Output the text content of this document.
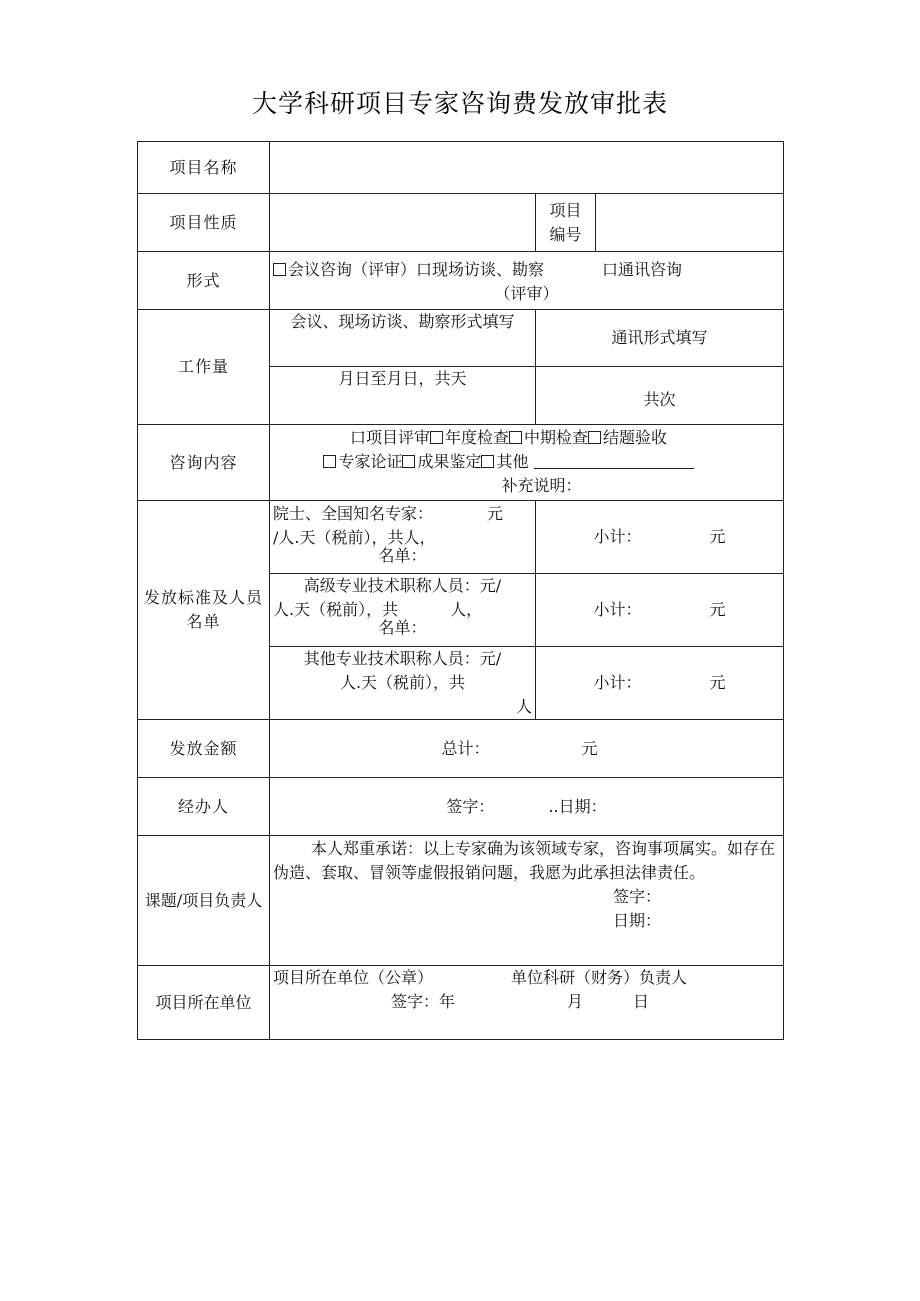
大学科研项目专家咨询费发放审批表
项目名称			
项目性质		项目
编号	

形式	会议咨询（评审）口现场访谈、勘察 口通讯咨询
（评审）		

工作量	会议、现场访谈、勘察形式填写	通讯形式填写	
	月日至月日，共天	共次	
咨询内容	口项目评审 年度检查 中期检查 结题验收
专家论证 成果鉴定 其他
补充说明：		

发放标准及人员名单	院士、全国知名专家： 元
/人.天（税前），共人，
名单：	小计： 元	

	高级专业技术职称人员：元/
人.天（税前），共 人，
名单：	小计： 元	

	其他专业技术职称人员：元/
人.天（税前），共
人	小计： 元	
发放金额	总计： 元		
经办人	签字： ..日期：		
课题/项目负责人	本人郑重承诺：以上专家确为该领域专家，咨询事项属实。如存在伪造、套取、冒领等虚假报销问题，我愿为此承担法律责任。
签字：
日期：		

项目所在单位	项目所在单位（公章） 单位科研（财务）负责人
签字：年 月 日		
